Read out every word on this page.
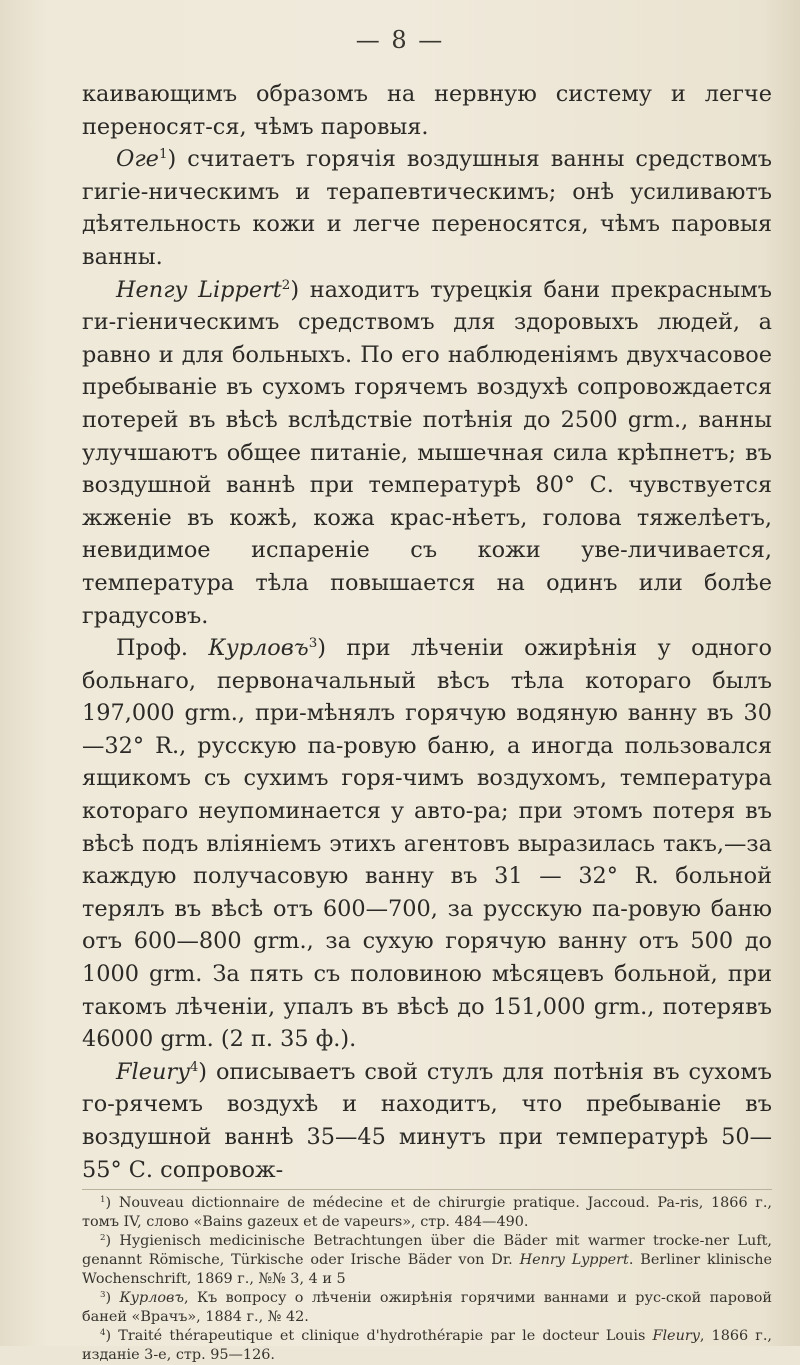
— 8 —

каивающимъ образомъ на нервную систему и легче переносят-ся, чѣмъ паровыя.

Оге$^1$) считаетъ горячія воздушныя ванны средствомъ гигіе-ническимъ и терапевтическимъ; онѣ усиливаютъ дѣятельность кожи и легче переносятся, чѣмъ паровыя ванны.

Непгу Lippert$^2$) находитъ турецкія бани прекраснымъ ги-гіеническимъ средствомъ для здоровыхъ людей, а равно и для больныхъ. По его наблюденіямъ двухчасовое пребываніе въ сухомъ горячемъ воздухѣ сопровождается потерей въ вѣсѣ вслѣдствіе потѣнія до 2500 grm., ванны улучшаютъ общее питаніе, мышечная сила крѣпнетъ; въ воздушной ваннѣ при температурѣ 80° С. чувствуется жженіе въ кожѣ, кожа крас-нѣетъ, голова тяжелѣетъ, невидимое испареніе съ кожи уве-личивается, температура тѣла повышается на одинъ или болѣе градусовъ.

Проф. Курловъ$^3$) при лѣченіи ожирѣнія у одного больнаго, первоначальный вѣсъ тѣла котораго былъ 197,000 grm., при-мѣнялъ горячую водяную ванну въ 30—32° R., русскую па-ровую баню, а иногда пользовался ящикомъ съ сухимъ горя-чимъ воздухомъ, температура котораго неупоминается у авто-ра; при этомъ потеря въ вѣсѣ подъ вліяніемъ этихъ агентовъ выразилась такъ,—за каждую получасовую ванну въ 31 — 32° R. больной терялъ въ вѣсѣ отъ 600—700, за русскую па-ровую баню отъ 600—800 grm., за сухую горячую ванну отъ 500 до 1000 grm. За пять съ половиною мѣсяцевъ больной, при такомъ лѣченіи, упалъ въ вѣсѣ до 151,000 grm., потерявъ 46000 grm. (2 п. 35 ф.).

Fleury$^4$) описываетъ свой стулъ для потѣнія въ сухомъ го-рячемъ воздухѣ и находитъ, что пребываніе въ воздушной ваннѣ 35—45 минутъ при температурѣ 50—55° С. сопровож-

$^1$) Nouveau dictionnaire de médecine et de chirurgie pratique. Jaccoud. Pa-ris, 1866 г., томъ IV, слово «Bains gazeux et de vapeurs», стр. 484—490.

$^2$) Hygienisch medicinische Betrachtungen über die Bäder mit warmer trocke-ner Luft, genannt Römische, Türkische oder Irische Bäder von Dr. Henry Lyppert. Berliner klinische Wochenschrift, 1869 г., №№ 3, 4 и 5

$^3$) Курловъ, Къ вопросу о лѣченіи ожирѣнія горячими ваннами и рус-ской паровой банeй «Врачъ», 1884 г., № 42.

$^4$) Traité thérapeutique et clinique d'hydrothérapie par le docteur Louis Fleury, 1866 г., изданіе 3-е, стр. 95—126.
